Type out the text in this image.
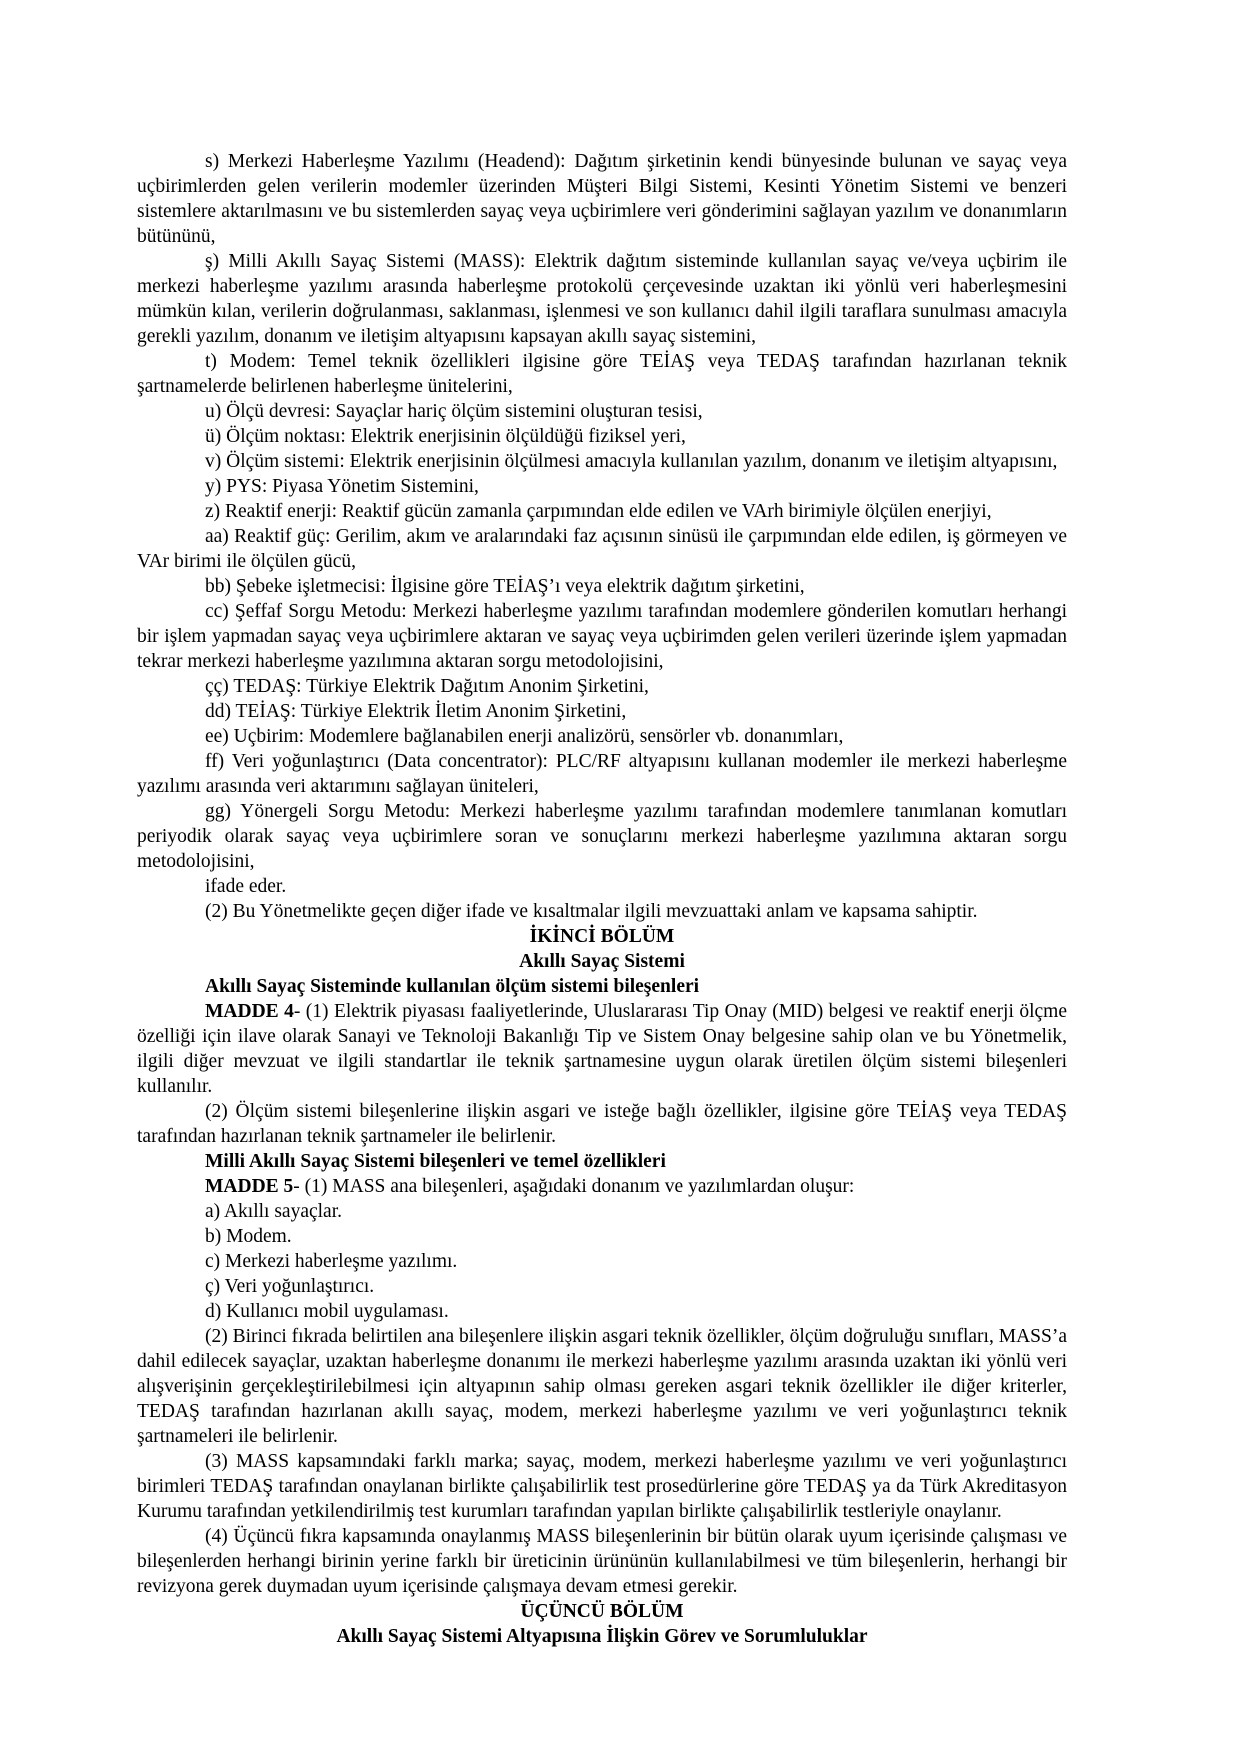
s) Merkezi Haberleşme Yazılımı (Headend): Dağıtım şirketinin kendi bünyesinde bulunan ve sayaç veya uçbirimlerden gelen verilerin modemler üzerinden Müşteri Bilgi Sistemi, Kesinti Yönetim Sistemi ve benzeri sistemlere aktarılmasını ve bu sistemlerden sayaç veya uçbirimlere veri gönderimini sağlayan yazılım ve donanımların bütününü,

ş) Milli Akıllı Sayaç Sistemi (MASS): Elektrik dağıtım sisteminde kullanılan sayaç ve/veya uçbirim ile merkezi haberleşme yazılımı arasında haberleşme protokolü çerçevesinde uzaktan iki yönlü veri haberleşmesini mümkün kılan, verilerin doğrulanması, saklanması, işlenmesi ve son kullanıcı dahil ilgili taraflara sunulması amacıyla gerekli yazılım, donanım ve iletişim altyapısını kapsayan akıllı sayaç sistemini,

t) Modem: Temel teknik özellikleri ilgisine göre TEİAŞ veya TEDAŞ tarafından hazırlanan teknik şartnamelerde belirlenen haberleşme ünitelerini,

u) Ölçü devresi: Sayaçlar hariç ölçüm sistemini oluşturan tesisi,

ü) Ölçüm noktası: Elektrik enerjisinin ölçüldüğü fiziksel yeri,

v) Ölçüm sistemi: Elektrik enerjisinin ölçülmesi amacıyla kullanılan yazılım, donanım ve iletişim altyapısını,

y) PYS: Piyasa Yönetim Sistemini,

z) Reaktif enerji: Reaktif gücün zamanla çarpımından elde edilen ve VArh birimiyle ölçülen enerjiyi,

aa) Reaktif güç: Gerilim, akım ve aralarındaki faz açısının sinüsü ile çarpımından elde edilen, iş görmeyen ve VAr birimi ile ölçülen gücü,

bb) Şebeke işletmecisi: İlgisine göre TEİAŞ’ı veya elektrik dağıtım şirketini,

cc) Şeffaf Sorgu Metodu: Merkezi haberleşme yazılımı tarafından modemlere gönderilen komutları herhangi bir işlem yapmadan sayaç veya uçbirimlere aktaran ve sayaç veya uçbirimden gelen verileri üzerinde işlem yapmadan tekrar merkezi haberleşme yazılımına aktaran sorgu metodolojisini,

çç) TEDAŞ: Türkiye Elektrik Dağıtım Anonim Şirketini,

dd) TEİAŞ: Türkiye Elektrik İletim Anonim Şirketini,

ee) Uçbirim: Modemlere bağlanabilen enerji analizörü, sensörler vb. donanımları,

ff) Veri yoğunlaştırıcı (Data concentrator): PLC/RF altyapısını kullanan modemler ile merkezi haberleşme yazılımı arasında veri aktarımını sağlayan üniteleri,

gg) Yönergeli Sorgu Metodu: Merkezi haberleşme yazılımı tarafından modemlere tanımlanan komutları periyodik olarak sayaç veya uçbirimlere soran ve sonuçlarını merkezi haberleşme yazılımına aktaran sorgu metodolojisini,

ifade eder.

(2) Bu Yönetmelikte geçen diğer ifade ve kısaltmalar ilgili mevzuattaki anlam ve kapsama sahiptir.

İKİNCİ BÖLÜM

Akıllı Sayaç Sistemi

Akıllı Sayaç Sisteminde kullanılan ölçüm sistemi bileşenleri

MADDE 4- (1) Elektrik piyasası faaliyetlerinde, Uluslararası Tip Onay (MID) belgesi ve reaktif enerji ölçme özelliği için ilave olarak Sanayi ve Teknoloji Bakanlığı Tip ve Sistem Onay belgesine sahip olan ve bu Yönetmelik, ilgili diğer mevzuat ve ilgili standartlar ile teknik şartnamesine uygun olarak üretilen ölçüm sistemi bileşenleri kullanılır.

(2) Ölçüm sistemi bileşenlerine ilişkin asgari ve isteğe bağlı özellikler, ilgisine göre TEİAŞ veya TEDAŞ tarafından hazırlanan teknik şartnameler ile belirlenir.

Milli Akıllı Sayaç Sistemi bileşenleri ve temel özellikleri

MADDE 5- (1) MASS ana bileşenleri, aşağıdaki donanım ve yazılımlardan oluşur:

a) Akıllı sayaçlar.

b) Modem.

c) Merkezi haberleşme yazılımı.

ç) Veri yoğunlaştırıcı.

d) Kullanıcı mobil uygulaması.

(2) Birinci fıkrada belirtilen ana bileşenlere ilişkin asgari teknik özellikler, ölçüm doğruluğu sınıfları, MASS’a dahil edilecek sayaçlar, uzaktan haberleşme donanımı ile merkezi haberleşme yazılımı arasında uzaktan iki yönlü veri alışverişinin gerçekleştirilebilmesi için altyapının sahip olması gereken asgari teknik özellikler ile diğer kriterler, TEDAŞ tarafından hazırlanan akıllı sayaç, modem, merkezi haberleşme yazılımı ve veri yoğunlaştırıcı teknik şartnameleri ile belirlenir.

(3) MASS kapsamındaki farklı marka; sayaç, modem, merkezi haberleşme yazılımı ve veri yoğunlaştırıcı birimleri TEDAŞ tarafından onaylanan birlikte çalışabilirlik test prosedürlerine göre TEDAŞ ya da Türk Akreditasyon Kurumu tarafından yetkilendirilmiş test kurumları tarafından yapılan birlikte çalışabilirlik testleriyle onaylanır.

(4) Üçüncü fıkra kapsamında onaylanmış MASS bileşenlerinin bir bütün olarak uyum içerisinde çalışması ve bileşenlerden herhangi birinin yerine farklı bir üreticinin ürününün kullanılabilmesi ve tüm bileşenlerin, herhangi bir revizyona gerek duymadan uyum içerisinde çalışmaya devam etmesi gerekir.

ÜÇÜNCÜ BÖLÜM

Akıllı Sayaç Sistemi Altyapısına İlişkin Görev ve Sorumluluklar
